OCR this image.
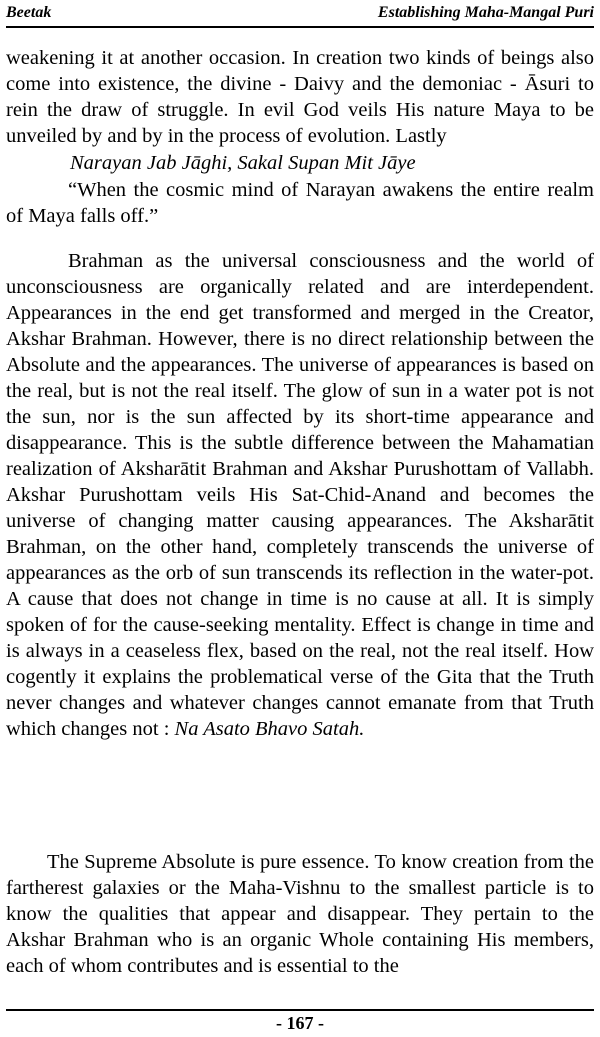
Beetak	Establishing Maha-Mangal Puri
weakening it at another occasion. In creation two kinds of beings also come into existence, the divine - Daivy and the demoniac - Āsuri to rein the draw of struggle. In evil God veils His nature Maya to be unveiled by and by in the process of evolution. Lastly
Narayan Jab Jāghi, Sakal Supan Mit Jāye
“When the cosmic mind of Narayan awakens the entire realm of Maya falls off.”
Brahman as the universal consciousness and the world of unconsciousness are organically related and are interdependent. Appearances in the end get transformed and merged in the Creator, Akshar Brahman. However, there is no direct relationship between the Absolute and the appearances. The universe of appearances is based on the real, but is not the real itself. The glow of sun in a water pot is not the sun, nor is the sun affected by its short-time appearance and disappearance. This is the subtle difference between the Mahamatian realization of Aksharātit Brahman and Akshar Purushottam of Vallabh. Akshar Purushottam veils His Sat-Chid-Anand and becomes the universe of changing matter causing appearances. The Aksharātit Brahman, on the other hand, completely transcends the universe of appearances as the orb of sun transcends its reflection in the water-pot. A cause that does not change in time is no cause at all. It is simply spoken of for the cause-seeking mentality. Effect is change in time and is always in a ceaseless flex, based on the real, not the real itself. How cogently it explains the problematical verse of the Gita that the Truth never changes and whatever changes cannot emanate from that Truth which changes not : Na Asato Bhavo Satah.
The Supreme Absolute is pure essence. To know creation from the fartherest galaxies or the Maha-Vishnu to the smallest particle is to know the qualities that appear and disappear. They pertain to the Akshar Brahman who is an organic Whole containing His members, each of whom contributes and is essential to the
- 167 -
